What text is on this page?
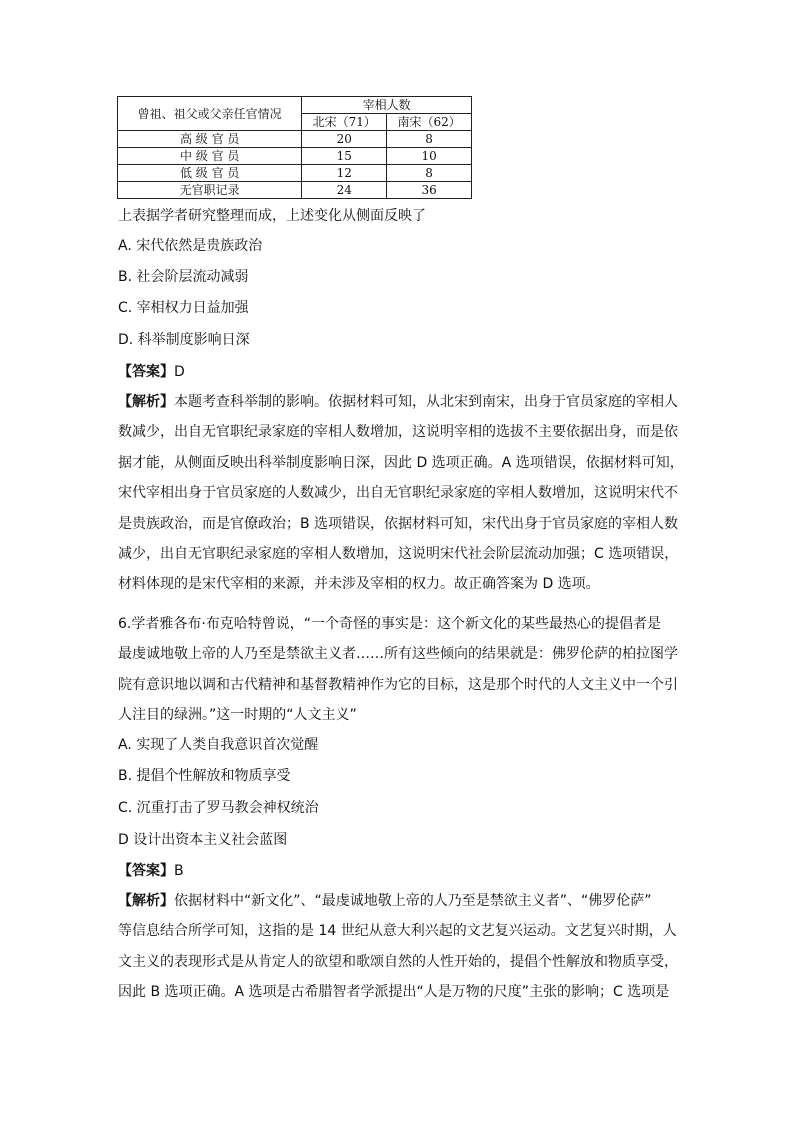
曾祖、祖父或父亲任官情况	宰相人数	
	北宋（71）	南宋（62）
高 级 官 员	20	8
中 级 官 员	15	10
低 级 官 员	12	8
无官职记录	24	36
上表据学者研究整理而成，上述变化从侧面反映了
A. 宋代依然是贵族政治
B. 社会阶层流动减弱
C. 宰相权力日益加强
D. 科举制度影响日深
【答案】D
【解析】本题考查科举制的影响。依据材料可知，从北宋到南宋，出身于官员家庭的宰相人
数减少，出自无官职纪录家庭的宰相人数增加，这说明宰相的选拔不主要依据出身，而是依
据才能，从侧面反映出科举制度影响日深，因此 D 选项正确。A 选项错误，依据材料可知，
宋代宰相出身于官员家庭的人数减少，出自无官职纪录家庭的宰相人数增加，这说明宋代不
是贵族政治，而是官僚政治；B 选项错误，依据材料可知，宋代出身于官员家庭的宰相人数
减少，出自无官职纪录家庭的宰相人数增加，这说明宋代社会阶层流动加强；C 选项错误，
材料体现的是宋代宰相的来源，并未涉及宰相的权力。故正确答案为 D 选项。
6.学者雅各布·布克哈特曾说，“一个奇怪的事实是：这个新文化的某些最热心的提倡者是
最虔诚地敬上帝的人乃至是禁欲主义者……所有这些倾向的结果就是：佛罗伦萨的柏拉图学
院有意识地以调和古代精神和基督教精神作为它的目标，这是那个时代的人文主义中一个引
人注目的绿洲。”这一时期的“人文主义”
A. 实现了人类自我意识首次觉醒
B. 提倡个性解放和物质享受
C. 沉重打击了罗马教会神权统治
D 设计出资本主义社会蓝图
【答案】B
【解析】依据材料中“新文化”、“最虔诚地敬上帝的人乃至是禁欲主义者”、“佛罗伦萨”
等信息结合所学可知，这指的是 14 世纪从意大利兴起的文艺复兴运动。文艺复兴时期，人
文主义的表现形式是从肯定人的欲望和歌颂自然的人性开始的，提倡个性解放和物质享受，
因此 B 选项正确。A 选项是古希腊智者学派提出“人是万物的尺度”主张的影响；C 选项是
